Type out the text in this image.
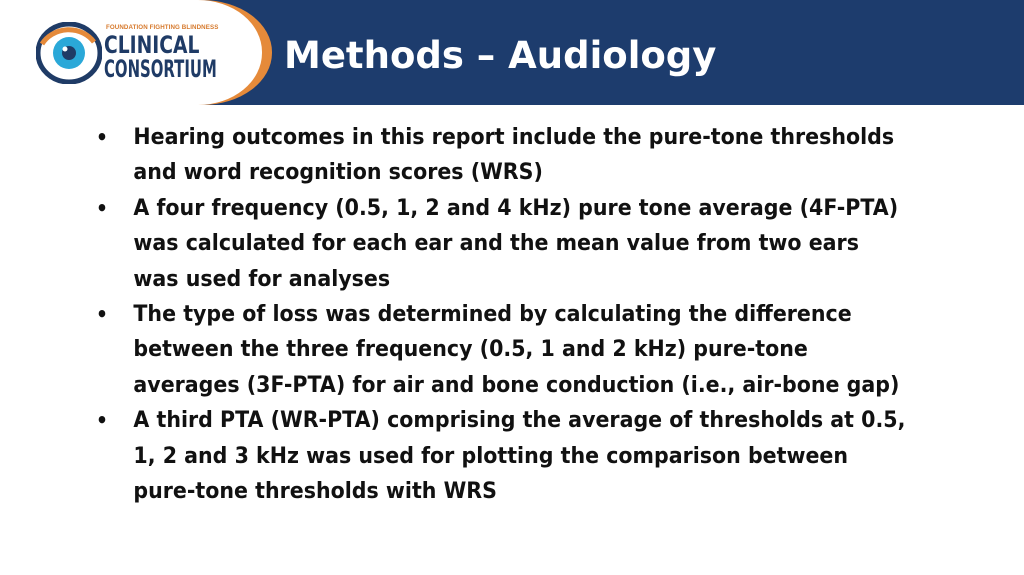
FOUNDATION FIGHTING BLINDNESS
CLINICAL
CONSORTIUM Methods – Audiology
• Hearing outcomes in this report include the pure-tone thresholds and word recognition scores (WRS)
• A four frequency (0.5, 1, 2 and 4 kHz) pure tone average (4F-PTA) was calculated for each ear and the mean value from two ears was used for analyses
• The type of loss was determined by calculating the difference between the three frequency (0.5, 1 and 2 kHz) pure-tone averages (3F-PTA) for air and bone conduction (i.e., air-bone gap)
• A third PTA (WR-PTA) comprising the average of thresholds at 0.5, 1, 2 and 3 kHz was used for plotting the comparison between pure-tone thresholds with WRS
